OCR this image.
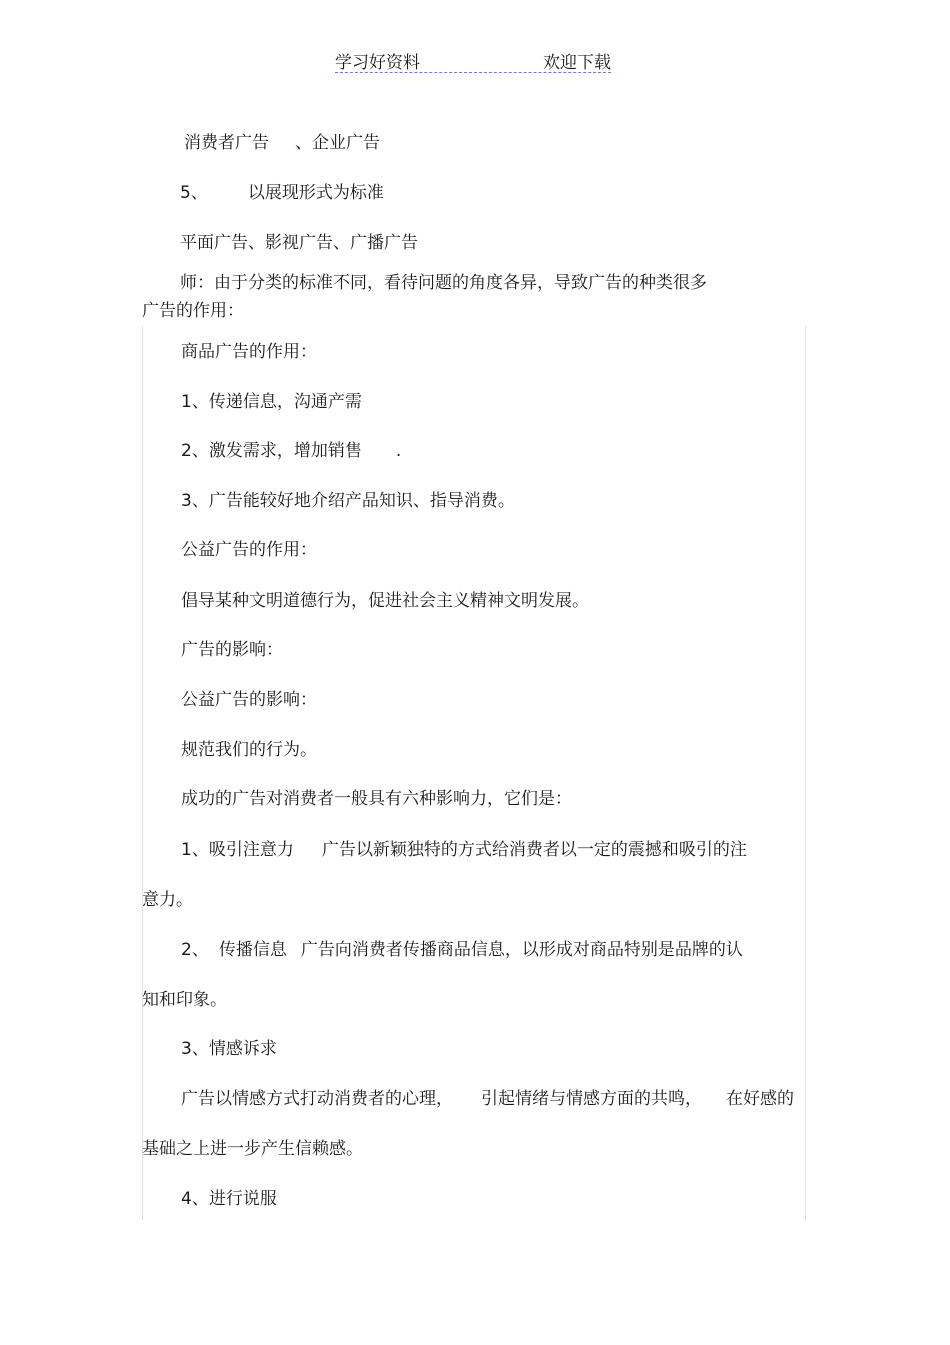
学习好资料	欢迎下载
消费者广告 、企业广告
5、 以展现形式为标准
平面广告、影视广告、广播广告
师：由于分类的标准不同，看待问题的角度各异，导致广告的种类很多
广告的作用：
商品广告的作用：
1、传递信息，沟通产需
2、激发需求，增加销售 .
3、广告能较好地介绍产品知识、指导消费。
公益广告的作用：
倡导某种文明道德行为，促进社会主义精神文明发展。
广告的影响：
公益广告的影响：
规范我们的行为。
成功的广告对消费者一般具有六种影响力，它们是：
1、吸引注意力 广告以新颖独特的方式给消费者以一定的震撼和吸引的注
意力。
2、 传播信息 广告向消费者传播商品信息，以形成对商品特别是品牌的认
知和印象。
3、情感诉求
广告以情感方式打动消费者的心理， 引起情绪与情感方面的共鸣， 在好感的
基础之上进一步产生信赖感。
4、进行说服
